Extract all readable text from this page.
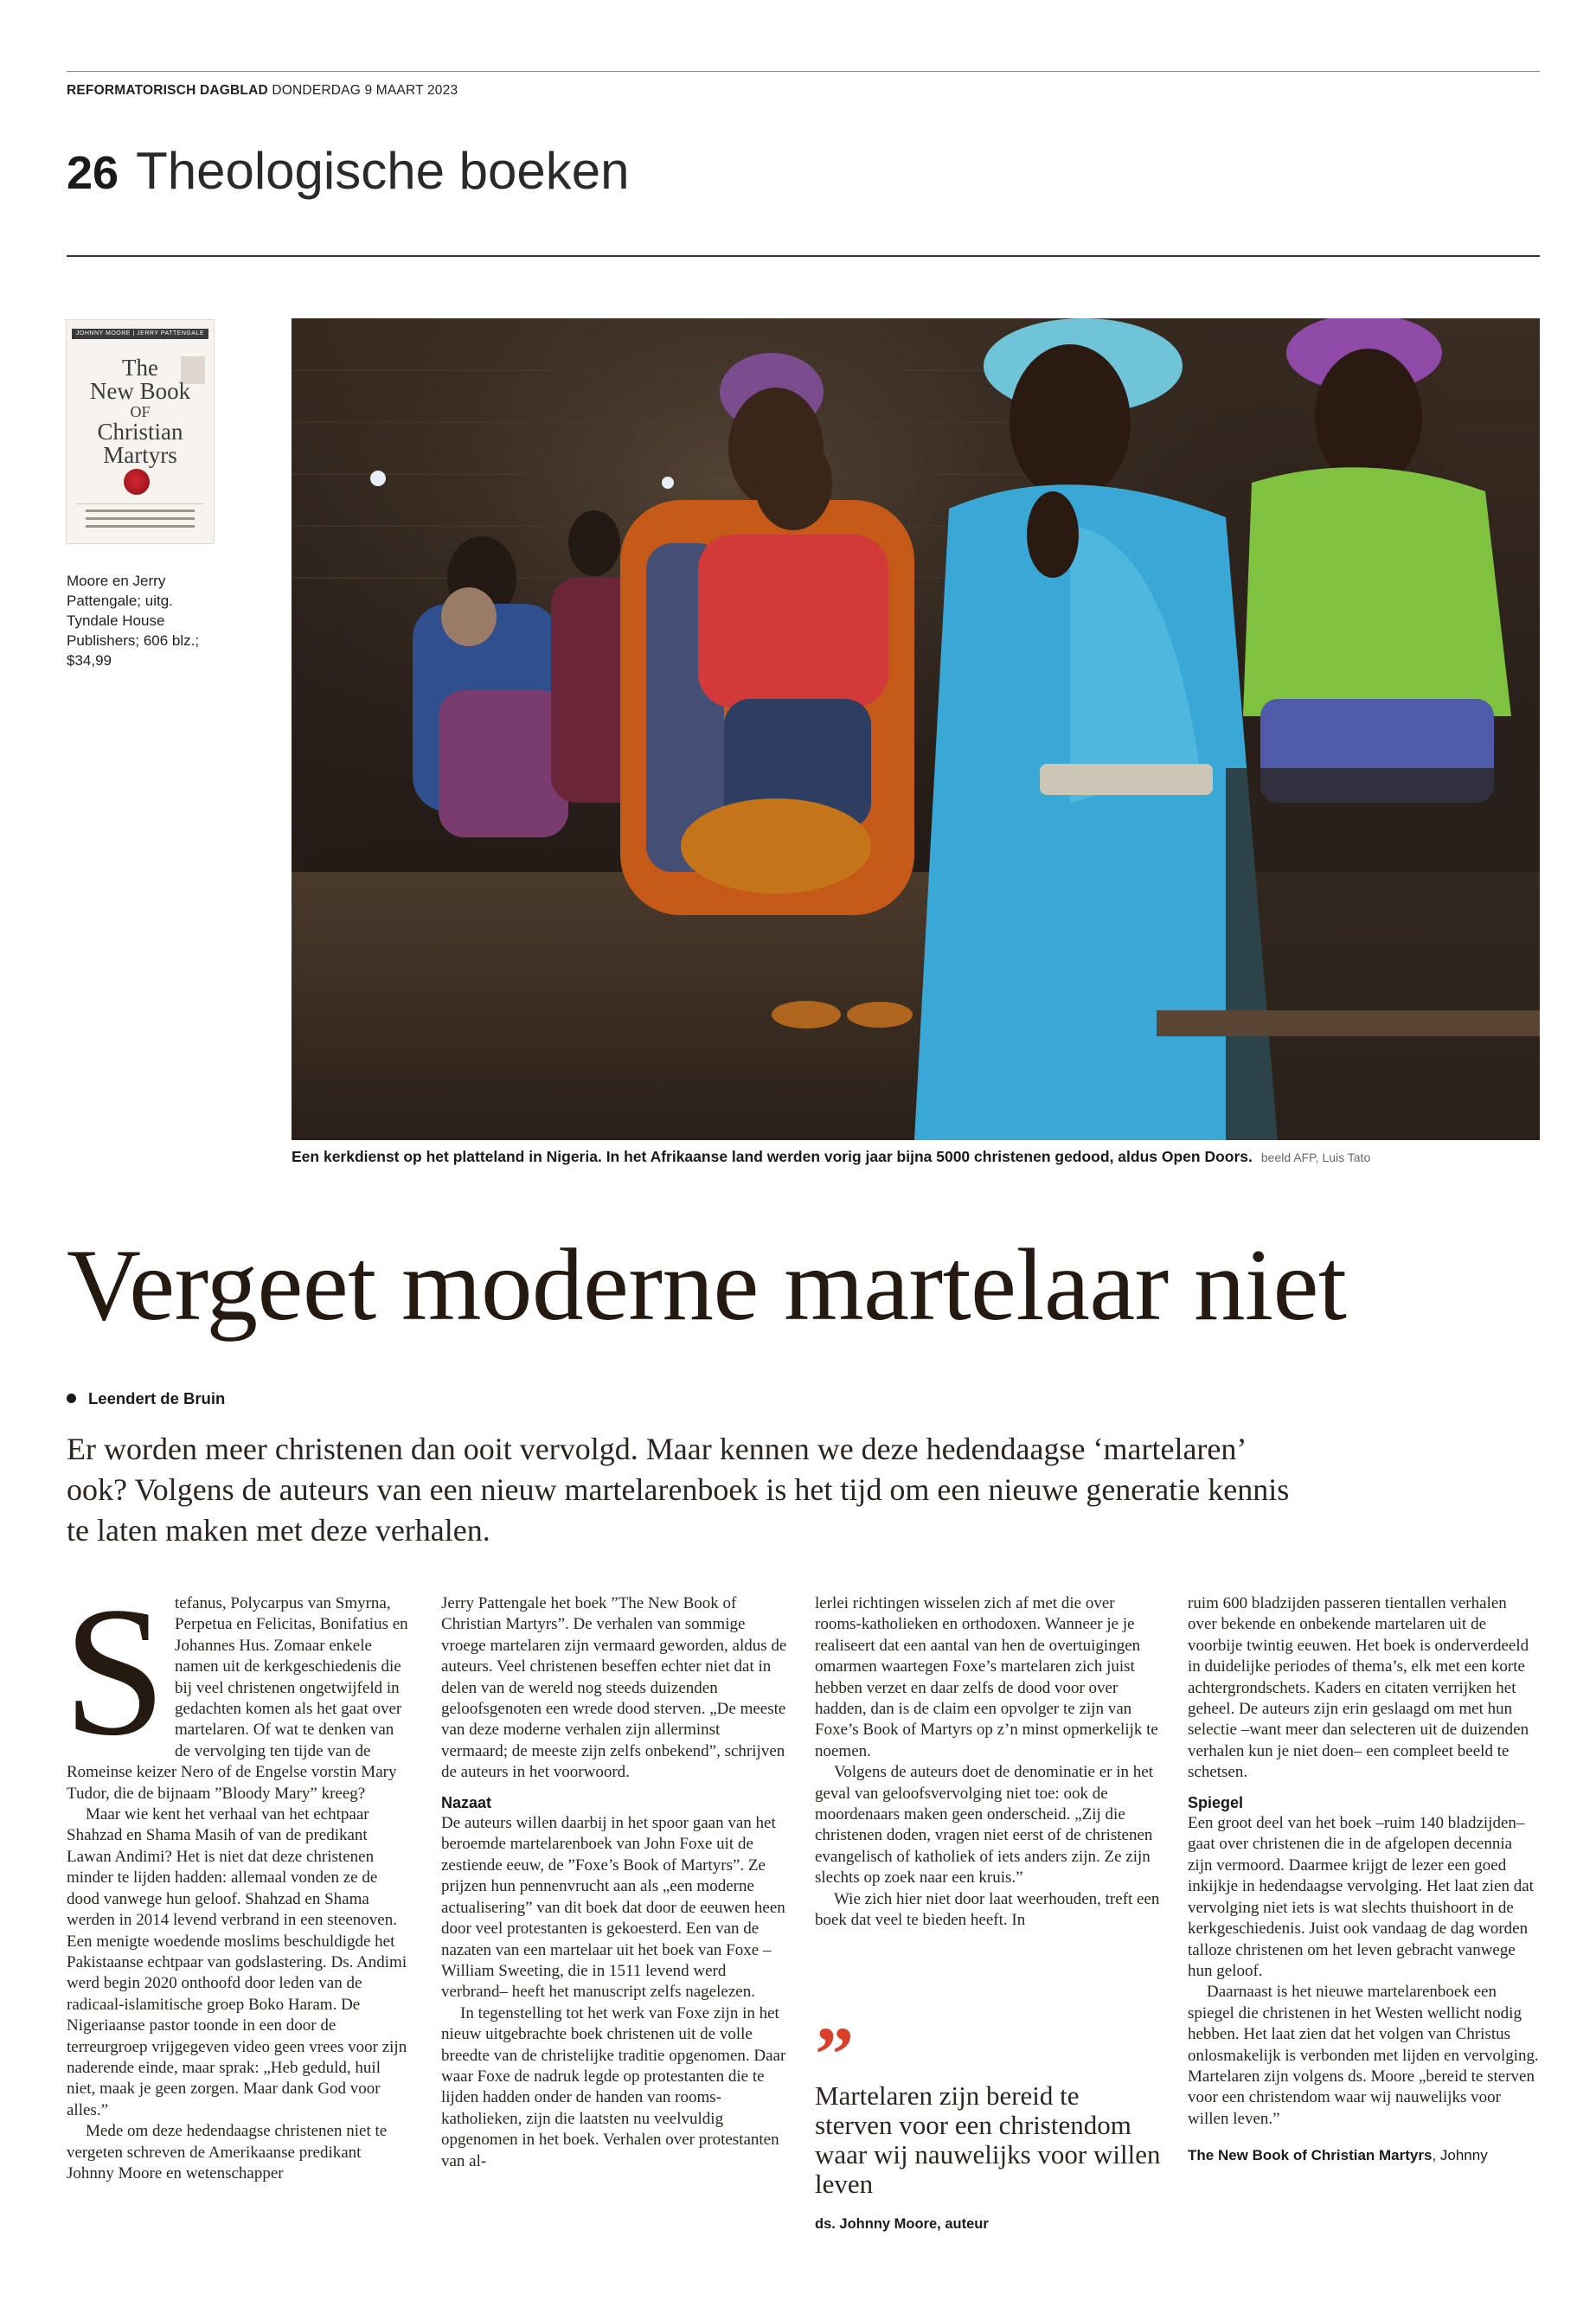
REFORMATORISCH DAGBLAD DONDERDAG 9 MAART 2023
26 Theologische boeken
JOHNNY MOORE | JERRY PATTENGALE
The
New Book
OF
Christian
Martyrs
Moore en Jerry Pattengale; uitg. Tyndale House Publishers; 606 blz.; $34,99
Een kerkdienst op het platteland in Nigeria. In het Afrikaanse land werden vorig jaar bijna 5000 christenen gedood, aldus Open Doors. beeld AFP, Luis Tato
Vergeet moderne martelaar niet
Leendert de Bruin
Er worden meer christenen dan ooit vervolgd. Maar kennen we deze hedendaagse ‘martelaren’ ook? Volgens de auteurs van een nieuw martelarenboek is het tijd om een nieuwe generatie kennis te laten maken met deze verhalen.
S tefanus, Polycarpus van Smyrna, Perpetua en Felicitas, Bonifatius en Johannes Hus. Zomaar enkele namen uit de kerkgeschiedenis die bij veel christenen ongetwijfeld in gedachten komen als het gaat over martelaren. Of wat te denken van de vervolging ten tijde van de Romeinse keizer Nero of de Engelse vorstin Mary Tudor, die de bijnaam ”Bloody Mary” kreeg?

Maar wie kent het verhaal van het echtpaar Shahzad en Shama Masih of van de predikant Lawan Andimi? Het is niet dat deze christenen minder te lijden hadden: allemaal vonden ze de dood vanwege hun geloof. Shahzad en Shama werden in 2014 levend verbrand in een steenoven. Een menigte woedende moslims beschuldigde het Pakistaanse echtpaar van godslastering. Ds. Andimi werd begin 2020 onthoofd door leden van de radicaal-islamitische groep Boko Haram. De Nigeriaanse pastor toonde in een door de terreurgroep vrijgegeven video geen vrees voor zijn naderende einde, maar sprak: „Heb geduld, huil niet, maak je geen zorgen. Maar dank God voor alles.”

Mede om deze hedendaagse christenen niet te vergeten schreven de Amerikaanse predikant Johnny Moore en wetenschapper

Jerry Pattengale het boek ”The New Book of Christian Martyrs”. De verhalen van sommige vroege martelaren zijn vermaard geworden, aldus de auteurs. Veel christenen beseffen echter niet dat in delen van de wereld nog steeds duizenden geloofsgenoten een wrede dood sterven. „De meeste van deze moderne verhalen zijn allerminst vermaard; de meeste zijn zelfs onbekend”, schrijven de auteurs in het voorwoord.

Nazaat

De auteurs willen daarbij in het spoor gaan van het beroemde martelarenboek van John Foxe uit de zestiende eeuw, de ”Foxe’s Book of Martyrs”. Ze prijzen hun pennenvrucht aan als „een moderne actualisering” van dit boek dat door de eeuwen heen door veel protestanten is gekoesterd. Een van de nazaten van een martelaar uit het boek van Foxe –William Sweeting, die in 1511 levend werd verbrand– heeft het manuscript zelfs nagelezen.

In tegenstelling tot het werk van Foxe zijn in het nieuw uitgebrachte boek christenen uit de volle breedte van de christelijke traditie opgenomen. Daar waar Foxe de nadruk legde op protestanten die te lijden hadden onder de handen van rooms-katholieken, zijn die laatsten nu veelvuldig opgenomen in het boek. Verhalen over protestanten van al-

lerlei richtingen wisselen zich af met die over rooms-katholieken en orthodoxen. Wanneer je je realiseert dat een aantal van hen de overtuigingen omarmen waartegen Foxe’s martelaren zich juist hebben verzet en daar zelfs de dood voor over hadden, dan is de claim een opvolger te zijn van Foxe’s Book of Martyrs op z’n minst opmerkelijk te noemen.

Volgens de auteurs doet de denominatie er in het geval van geloofsvervolging niet toe: ook de moordenaars maken geen onderscheid. „Zij die christenen doden, vragen niet eerst of de christenen evangelisch of katholiek of iets anders zijn. Ze zijn slechts op zoek naar een kruis.”

Wie zich hier niet door laat weerhouden, treft een boek dat veel te bieden heeft. In

”
Martelaren zijn bereid te sterven voor een christendom waar wij nauwelijks voor willen leven
ds. Johnny Moore, auteur

ruim 600 bladzijden passeren tientallen verhalen over bekende en onbekende martelaren uit de voorbije twintig eeuwen. Het boek is onderverdeeld in duidelijke periodes of thema’s, elk met een korte achtergrondschets. Kaders en citaten verrijken het geheel. De auteurs zijn erin geslaagd om met hun selectie –want meer dan selecteren uit de duizenden verhalen kun je niet doen– een compleet beeld te schetsen.

Spiegel

Een groot deel van het boek –ruim 140 bladzijden– gaat over christenen die in de afgelopen decennia zijn vermoord. Daarmee krijgt de lezer een goed inkijkje in hedendaagse vervolging. Het laat zien dat vervolging niet iets is wat slechts thuishoort in de kerkgeschiedenis. Juist ook vandaag de dag worden talloze christenen om het leven gebracht vanwege hun geloof.

Daarnaast is het nieuwe martelarenboek een spiegel die christenen in het Westen wellicht nodig hebben. Het laat zien dat het volgen van Christus onlosmakelijk is verbonden met lijden en vervolging. Martelaren zijn volgens ds. Moore „bereid te sterven voor een christendom waar wij nauwelijks voor willen leven.”

The New Book of Christian Martyrs, Johnny
